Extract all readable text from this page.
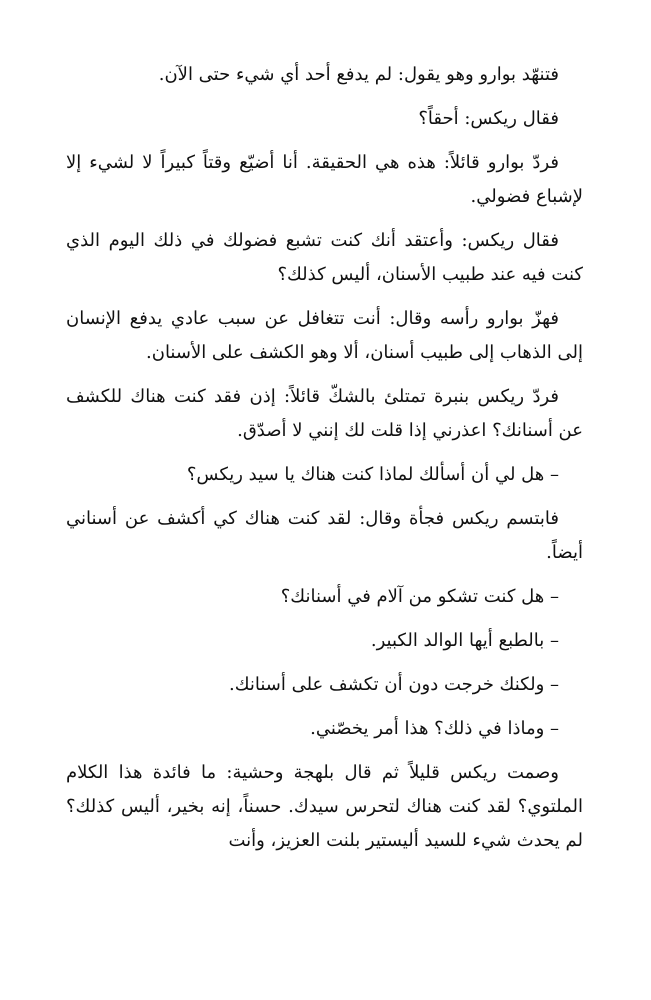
فتنهّد بوارو وهو يقول: لم يدفع أحد أي شيء حتى الآن.

فقال ريكس: أحقاً؟

فردّ بوارو قائلاً: هذه هي الحقيقة. أنا أضيّع وقتاً كبيراً لا لشيء إلا لإشباع فضولي.

فقال ريكس: وأعتقد أنك كنت تشبع فضولك في ذلك اليوم الذي كنت فيه عند طبيب الأسنان، أليس كذلك؟

فهزّ بوارو رأسه وقال: أنت تتغافل عن سبب عادي يدفع الإنسان إلى الذهاب إلى طبيب أسنان، ألا وهو الكشف على الأسنان.

فردّ ريكس بنبرة تمتلئ بالشكّ قائلاً: إذن فقد كنت هناك للكشف عن أسنانك؟ اعذرني إذا قلت لك إنني لا أصدّق.

– هل لي أن أسألك لماذا كنت هناك يا سيد ريكس؟

فابتسم ريكس فجأة وقال: لقد كنت هناك كي أكشف عن أسناني أيضاً.

– هل كنت تشكو من آلام في أسنانك؟

– بالطبع أيها الوالد الكبير.

– ولكنك خرجت دون أن تكشف على أسنانك.

– وماذا في ذلك؟ هذا أمر يخصّني.

وصمت ريكس قليلاً ثم قال بلهجة وحشية: ما فائدة هذا الكلام الملتوي؟ لقد كنت هناك لتحرس سيدك. حسناً، إنه بخير، أليس كذلك؟ لم يحدث شيء للسيد أليستير بلنت العزيز، وأنت
